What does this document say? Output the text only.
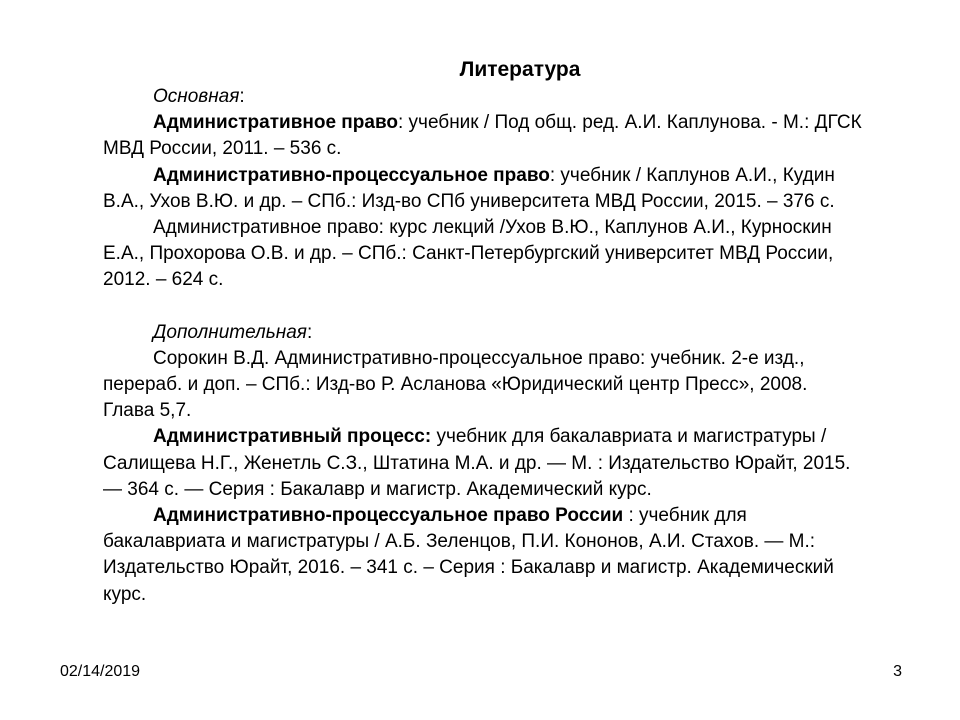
Литература

Основная:

Административное право: учебник / Под общ. ред. А.И. Каплунова. - М.: ДГСК МВД России, 2011. – 536 с.

Административно-процессуальное право: учебник / Каплунов А.И., Кудин В.А., Ухов В.Ю. и др. – СПб.: Изд-во СПб университета МВД России, 2015. – 376 с.

Административное право: курс лекций /Ухов В.Ю., Каплунов А.И., Курноскин Е.А., Прохорова О.В. и др. – СПб.: Санкт-Петербургский университет МВД России, 2012. – 624 с.

Дополнительная:

Сорокин В.Д. Административно-процессуальное право: учебник. 2-е изд., перераб. и доп. – СПб.: Изд-во Р. Асланова «Юридический центр Пресс», 2008. Глава 5,7.

Административный процесс: учебник для бакалавриата и магистратуры / Салищева Н.Г., Женетль С.З., Штатина М.А. и др. — М. : Издательство Юрайт, 2015. — 364 с. — Серия : Бакалавр и магистр. Академический курс.

Административно-процессуальное право России : учебник для бакалавриата и магистратуры / А.Б. Зеленцов, П.И. Кононов, А.И. Стахов. — М.: Издательство Юрайт, 2016. – 341 с. – Серия : Бакалавр и магистр. Академический курс.

02/14/2019	3
